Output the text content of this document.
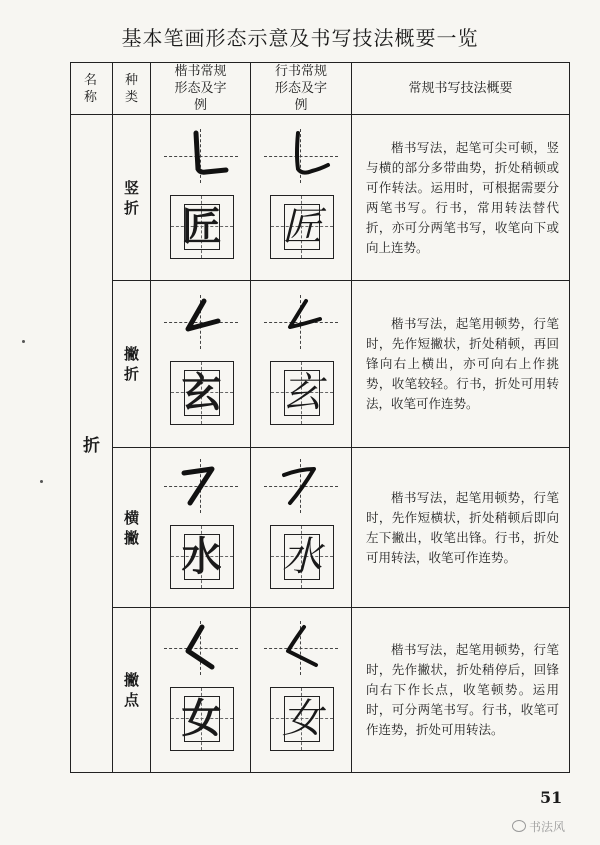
基本笔画形态示意及书写技法概要一览
名称	种类	楷书常规形态及字例	行书常规形态及字例	常规书写技法概要
折	竖折	匠	匠	楷书写法，起笔可尖可顿，竖与横的部分多带曲势，折处稍顿或可作转法。运用时，可根据需要分两笔书写。行书，常用转法替代折，亦可分两笔书写，收笔向下或向上连势。

	撇折	玄	玄	楷书写法，起笔用顿势，行笔时，先作短撇状，折处稍顿，再回锋向右上横出，亦可向右上作挑势，收笔较轻。行书，折处可用转法，收笔可作连势。

	横撇	水	水	楷书写法，起笔用顿势，行笔时，先作短横状，折处稍顿后即向左下撇出，收笔出锋。行书，折处可用转法，收笔可作连势。

	撇点	女	女	楷书写法，起笔用顿势，行笔时，先作撇状，折处稍停后，回锋向右下作长点，收笔顿势。运用时，可分两笔书写。行书，收笔可作连势，折处可用转法。
51
书法风
